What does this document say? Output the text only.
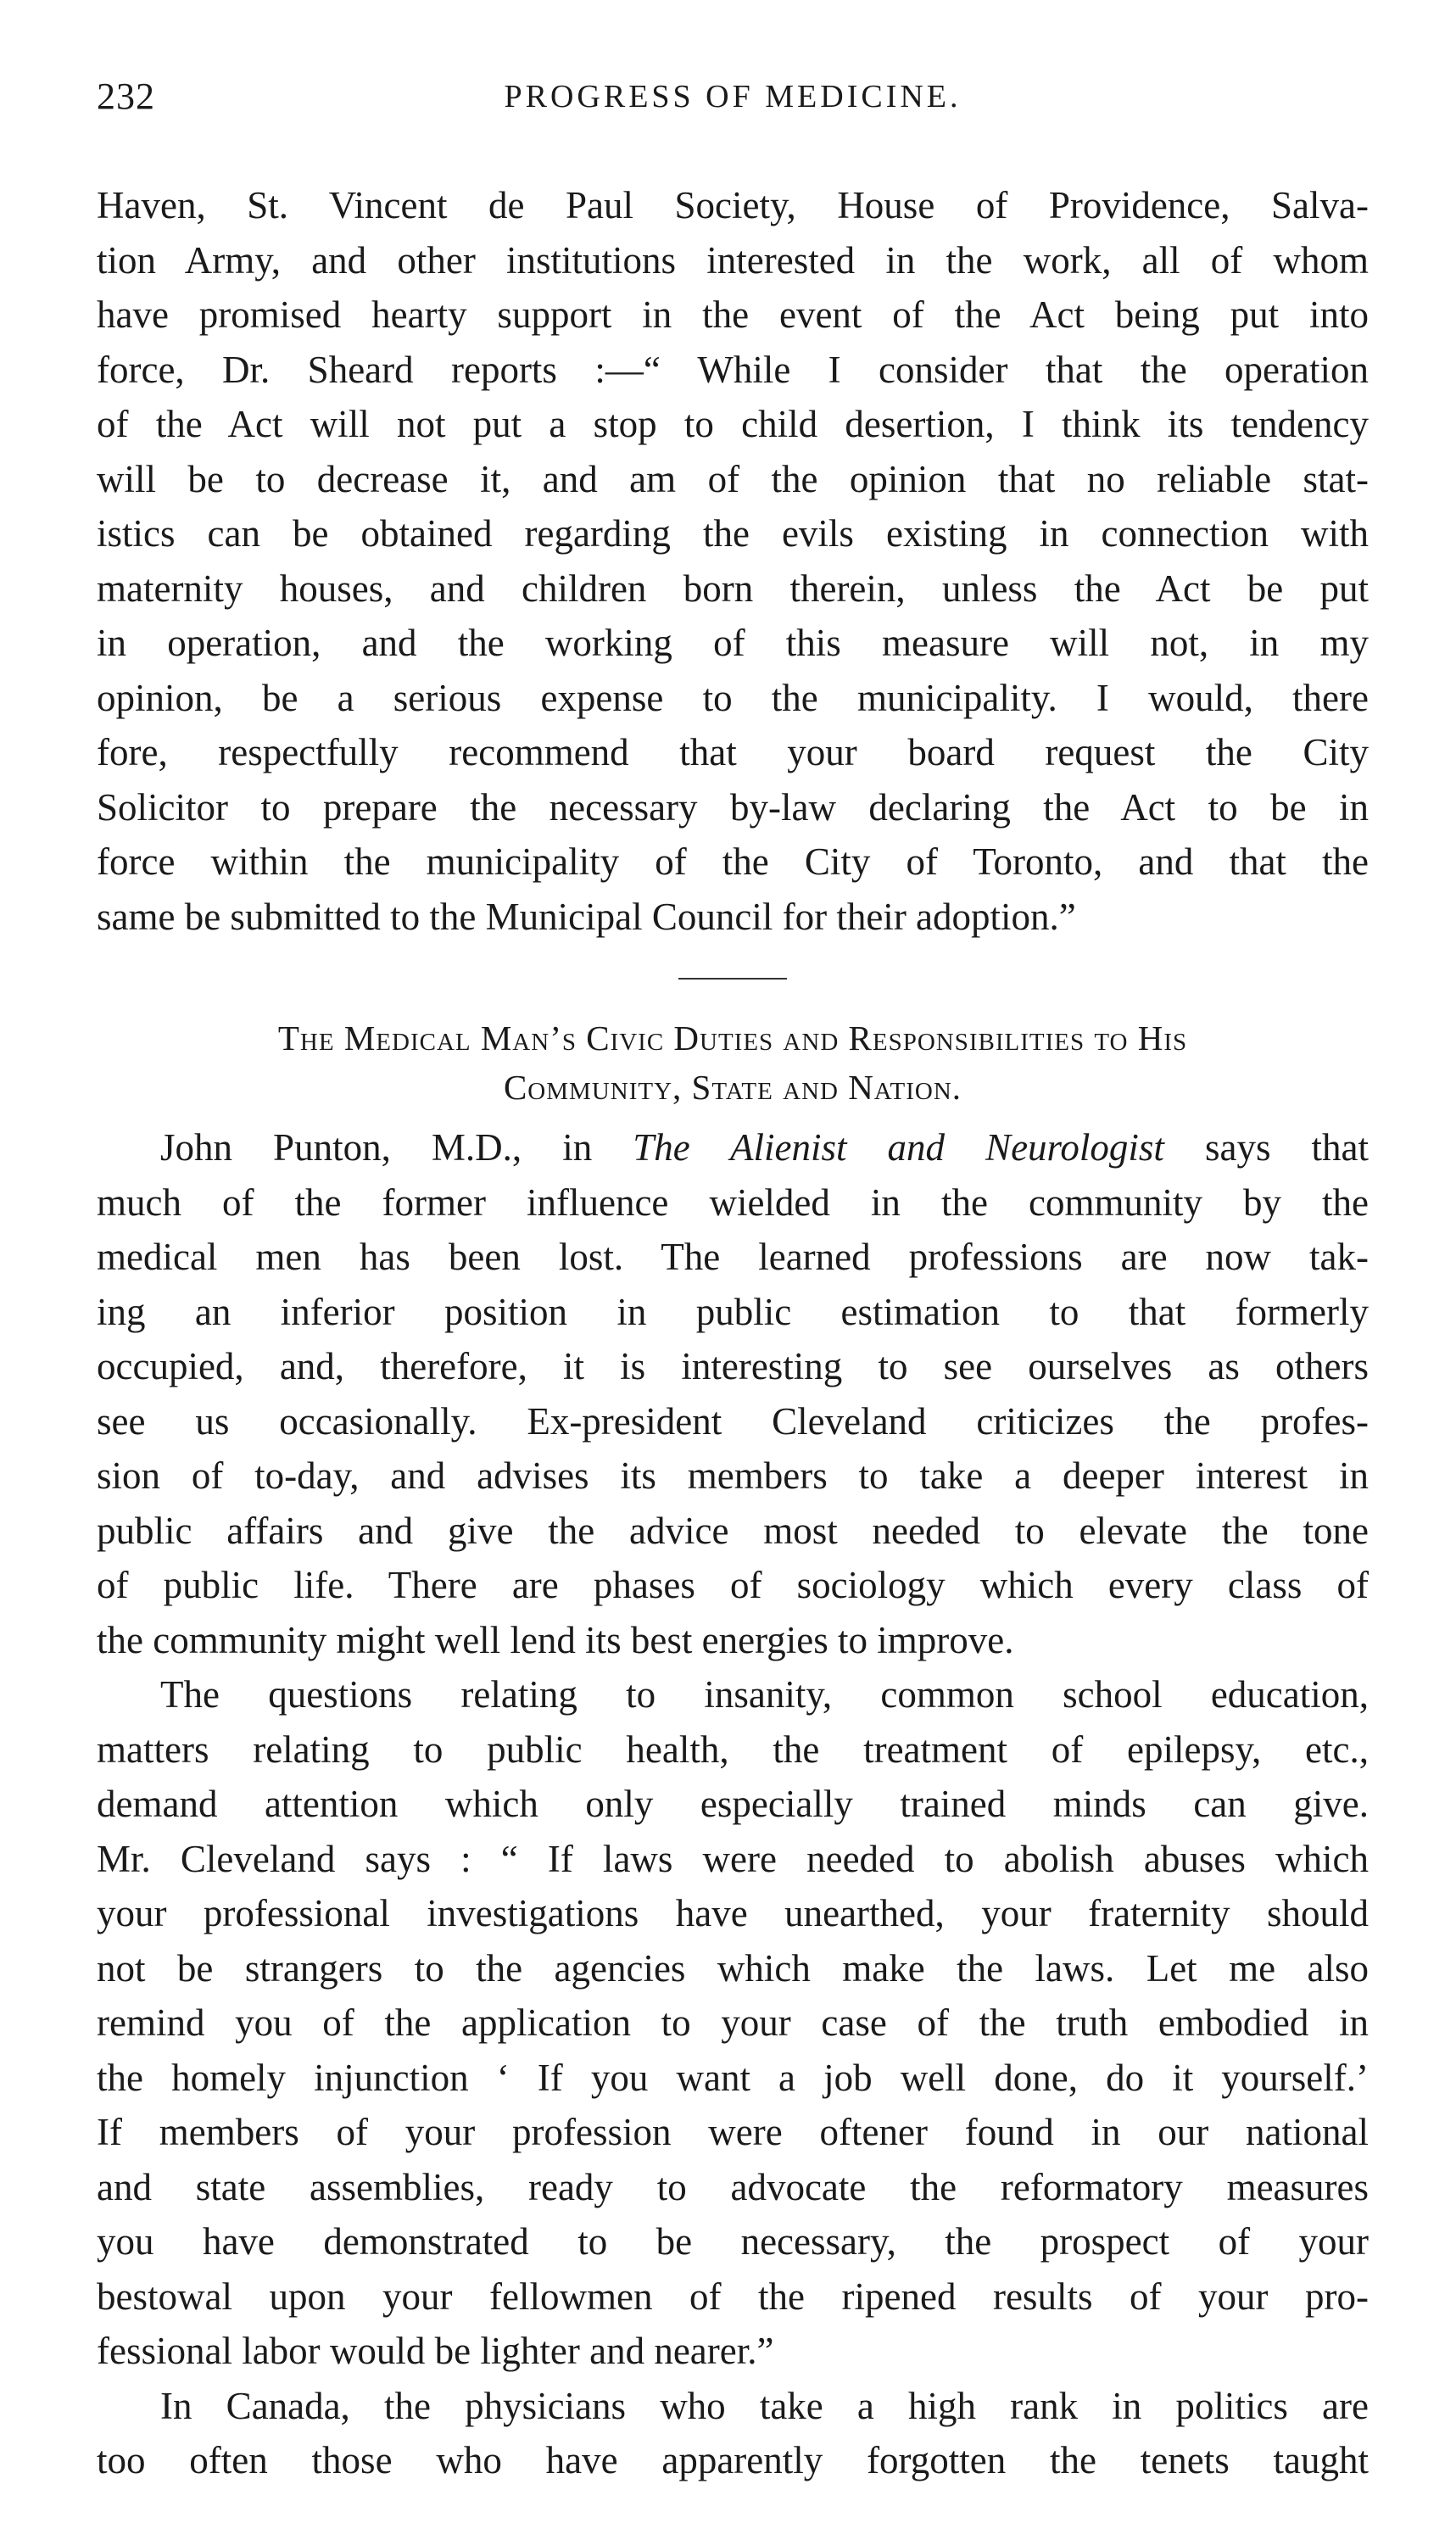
232	PROGRESS OF MEDICINE.

Haven, St. Vincent de Paul Society, House of Providence, Salva-
tion Army, and other institutions interested in the work, all of whom
have promised hearty support in the event of the Act being put into
force, Dr. Sheard reports :—“ While I consider that the operation
of the Act will not put a stop to child desertion, I think its tendency
will be to decrease it, and am of the opinion that no reliable stat-
istics can be obtained regarding the evils existing in connection with
maternity houses, and children born therein, unless the Act be put
in operation, and the working of this measure will not, in my
opinion, be a serious expense to the municipality. I would, there
fore, respectfully recommend that your board request the City
Solicitor to prepare the necessary by-law declaring the Act to be in
force within the municipality of the City of Toronto, and that the
same be submitted to the Municipal Council for their adoption.”

The Medical Man’s Civic Duties and Responsibilities to His
Community, State and Nation.

John Punton, M.D., in The Alienist and Neurologist says that
much of the former influence wielded in the community by the
medical men has been lost. The learned professions are now tak-
ing an inferior position in public estimation to that formerly
occupied, and, therefore, it is interesting to see ourselves as others
see us occasionally. Ex-president Cleveland criticizes the profes-
sion of to-day, and advises its members to take a deeper interest in
public affairs and give the advice most needed to elevate the tone
of public life. There are phases of sociology which every class of
the community might well lend its best energies to improve.

The questions relating to insanity, common school education,
matters relating to public health, the treatment of epilepsy, etc.,
demand attention which only especially trained minds can give.
Mr. Cleveland says : “ If laws were needed to abolish abuses which
your professional investigations have unearthed, your fraternity should
not be strangers to the agencies which make the laws. Let me also
remind you of the application to your case of the truth embodied in
the homely injunction ‘ If you want a job well done, do it yourself.’
If members of your profession were oftener found in our national
and state assemblies, ready to advocate the reformatory measures
you have demonstrated to be necessary, the prospect of your
bestowal upon your fellowmen of the ripened results of your pro-
fessional labor would be lighter and nearer.”

In Canada, the physicians who take a high rank in politics are
too often those who have apparently forgotten the tenets taught
